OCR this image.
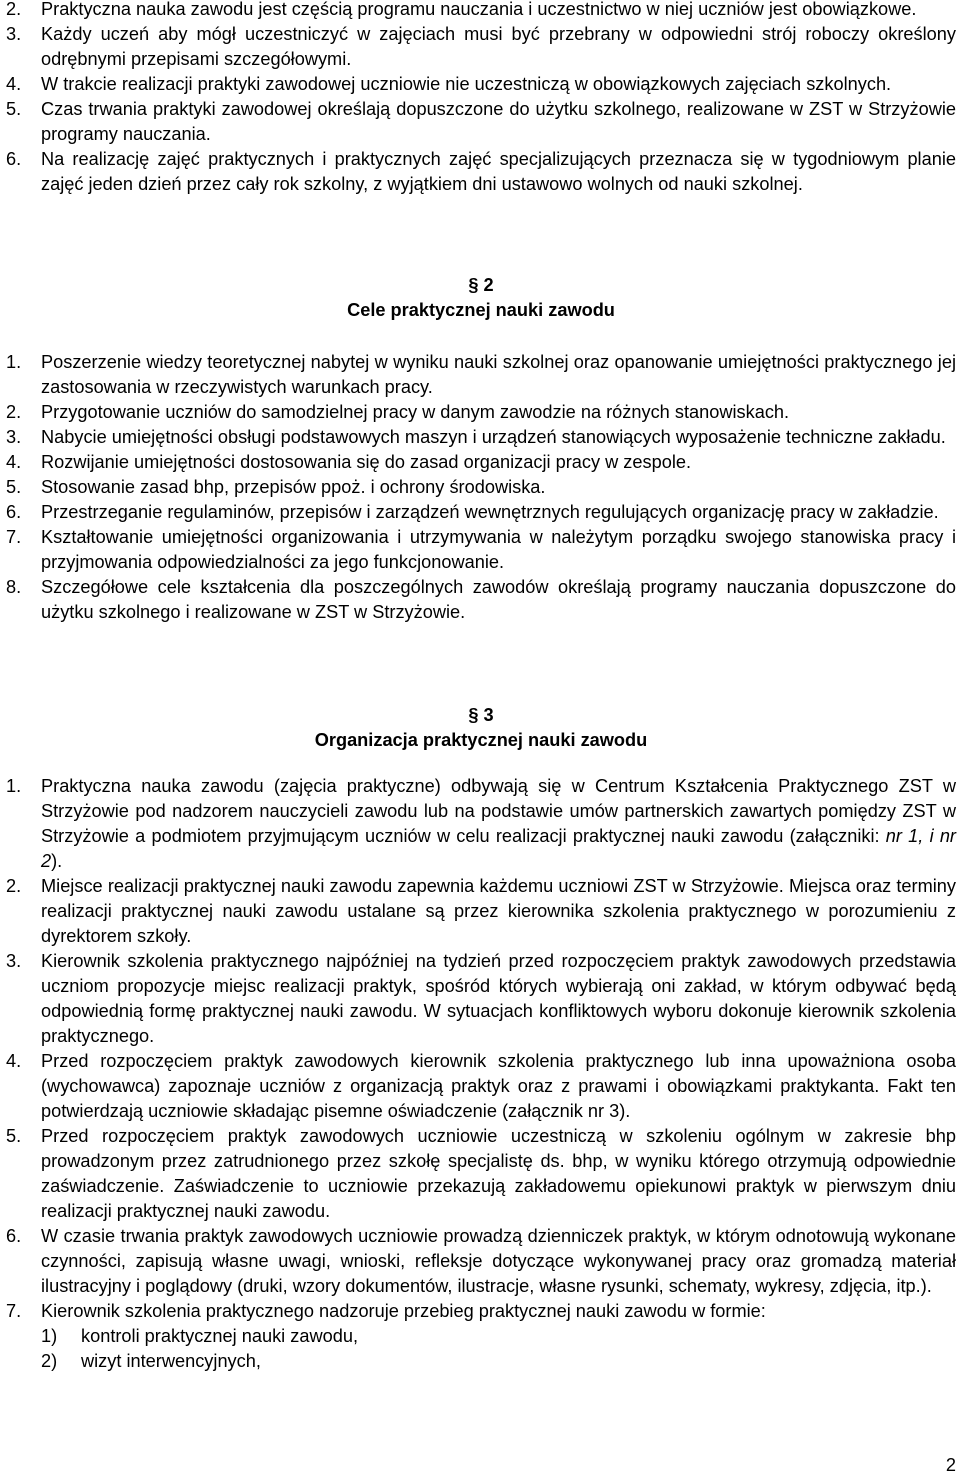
2. Praktyczna nauka zawodu jest częścią programu nauczania i uczestnictwo w niej uczniów jest obowiązkowe.
3. Każdy uczeń aby mógł uczestniczyć w zajęciach musi być przebrany w odpowiedni strój roboczy określony odrębnymi przepisami szczegółowymi.
4. W trakcie realizacji praktyki zawodowej uczniowie nie uczestniczą w obowiązkowych zajęciach szkolnych.
5. Czas trwania praktyki zawodowej określają dopuszczone do użytku szkolnego, realizowane w ZST w Strzyżowie programy nauczania.
6. Na realizację zajęć praktycznych i praktycznych zajęć specjalizujących przeznacza się w tygodniowym planie zajęć jeden dzień przez cały rok szkolny, z wyjątkiem dni ustawowo wolnych od nauki szkolnej.
§ 2
Cele praktycznej nauki zawodu
1. Poszerzenie wiedzy teoretycznej nabytej w wyniku nauki szkolnej oraz opanowanie umiejętności praktycznego jej zastosowania w rzeczywistych warunkach pracy.
2. Przygotowanie uczniów do samodzielnej pracy w danym zawodzie na różnych stanowiskach.
3. Nabycie umiejętności obsługi podstawowych maszyn i urządzeń stanowiących wyposażenie techniczne zakładu.
4. Rozwijanie umiejętności dostosowania się do zasad organizacji pracy w zespole.
5. Stosowanie zasad bhp, przepisów ppoż. i ochrony środowiska.
6. Przestrzeganie regulaminów, przepisów i zarządzeń wewnętrznych regulujących organizację pracy w zakładzie.
7. Kształtowanie umiejętności organizowania i utrzymywania w należytym porządku swojego stanowiska pracy i przyjmowania odpowiedzialności za jego funkcjonowanie.
8. Szczegółowe cele kształcenia dla poszczególnych zawodów określają programy nauczania dopuszczone do użytku szkolnego i realizowane w ZST w Strzyżowie.
§ 3
Organizacja praktycznej nauki zawodu
1. Praktyczna nauka zawodu (zajęcia praktyczne) odbywają się w Centrum Kształcenia Praktycznego ZST w Strzyżowie pod nadzorem nauczycieli zawodu lub na podstawie umów partnerskich zawartych pomiędzy ZST w Strzyżowie a podmiotem przyjmującym uczniów w celu realizacji praktycznej nauki zawodu (załączniki: nr 1, i nr 2).
2. Miejsce realizacji praktycznej nauki zawodu zapewnia każdemu uczniowi ZST w Strzyżowie. Miejsca oraz terminy realizacji praktycznej nauki zawodu ustalane są przez kierownika szkolenia praktycznego w porozumieniu z dyrektorem szkoły.
3. Kierownik szkolenia praktycznego najpóźniej na tydzień przed rozpoczęciem praktyk zawodowych przedstawia uczniom propozycje miejsc realizacji praktyk, spośród których wybierają oni zakład, w którym odbywać będą odpowiednią formę praktycznej nauki zawodu. W sytuacjach konfliktowych wyboru dokonuje kierownik szkolenia praktycznego.
4. Przed rozpoczęciem praktyk zawodowych kierownik szkolenia praktycznego lub inna upoważniona osoba (wychowawca) zapoznaje uczniów z organizacją praktyk oraz z prawami i obowiązkami praktykanta. Fakt ten potwierdzają uczniowie składając pisemne oświadczenie (załącznik nr 3).
5. Przed rozpoczęciem praktyk zawodowych uczniowie uczestniczą w szkoleniu ogólnym w zakresie bhp prowadzonym przez zatrudnionego przez szkołę specjalistę ds. bhp, w wyniku którego otrzymują odpowiednie zaświadczenie. Zaświadczenie to uczniowie przekazują zakładowemu opiekunowi praktyk w pierwszym dniu realizacji praktycznej nauki zawodu.
6. W czasie trwania praktyk zawodowych uczniowie prowadzą dzienniczek praktyk, w którym odnotowują wykonane czynności, zapisują własne uwagi, wnioski, refleksje dotyczące wykonywanej pracy oraz gromadzą materiał ilustracyjny i poglądowy (druki, wzory dokumentów, ilustracje, własne rysunki, schematy, wykresy, zdjęcia, itp.).
7. Kierownik szkolenia praktycznego nadzoruje przebieg praktycznej nauki zawodu w formie:
1) kontroli praktycznej nauki zawodu,
2) wizyt interwencyjnych,
2
